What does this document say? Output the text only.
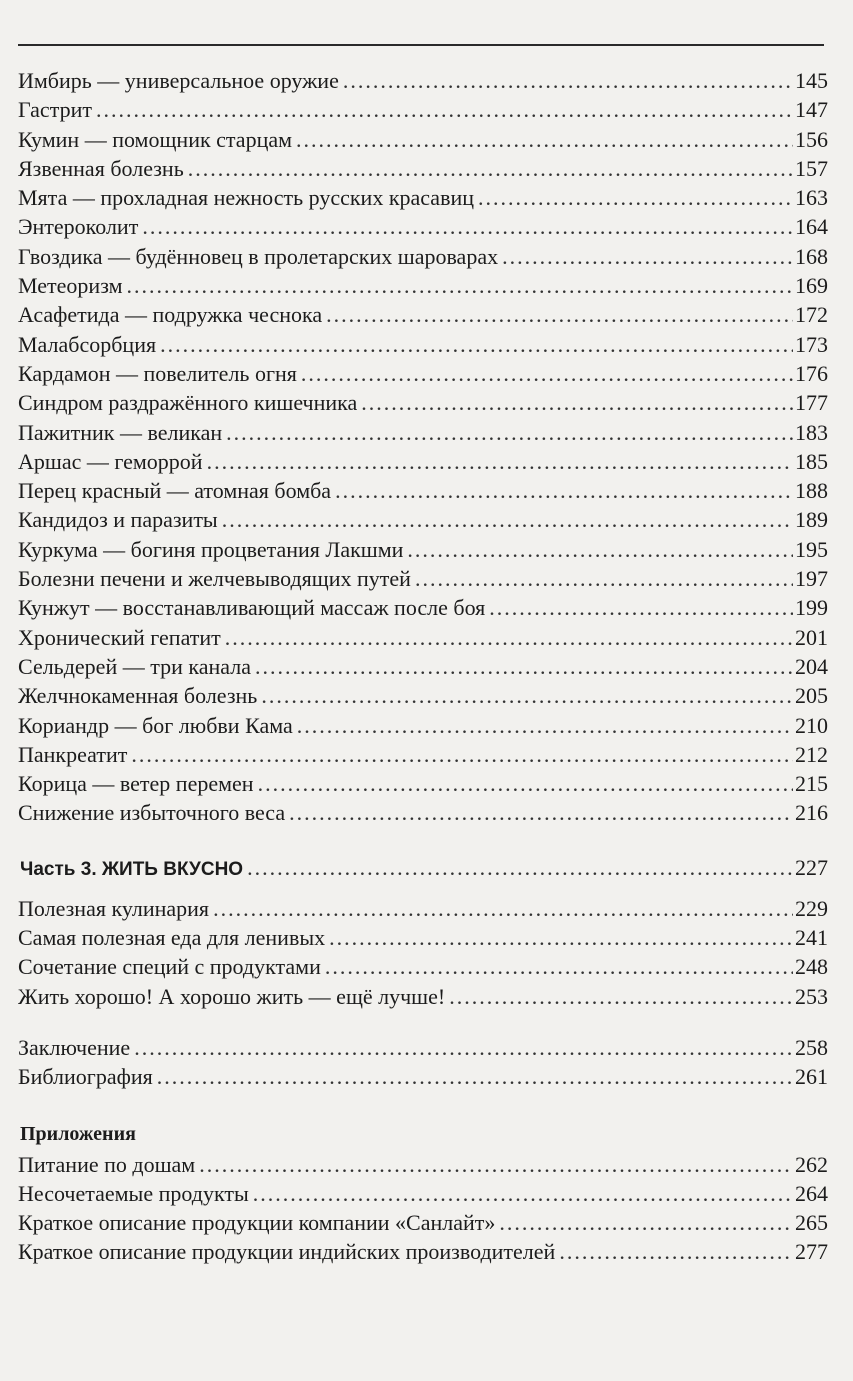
Имбирь — универсальное оружие .....	145
Гастрит .....	147
Кумин — помощник старцам .....	156
Язвенная болезнь .....	157
Мята — прохладная нежность русских красавиц .....	163
Энтероколит .....	164
Гвоздика — будённовец в пролетарских шароварах .....	168
Метеоризм .....	169
Асафетида — подружка чеснока .....	172
Малабсорбция .....	173
Кардамон — повелитель огня .....	176
Синдром раздражённого кишечника .....	177
Пажитник — великан .....	183
Аршас — геморрой .....	185
Перец красный — атомная бомба .....	188
Кандидоз и паразиты .....	189
Куркума — богиня процветания Лакшми .....	195
Болезни печени и желчевыводящих путей .....	197
Кунжут — восстанавливающий массаж после боя .....	199
Хронический гепатит .....	201
Сельдерей — три канала .....	204
Желчнокаменная болезнь .....	205
Кориандр — бог любви Кама .....	210
Панкреатит .....	212
Корица — ветер перемен .....	215
Снижение избыточного веса .....	216
Часть 3. ЖИТЬ ВКУСНО .....	227
Полезная кулинария .....	229
Самая полезная еда для ленивых .....	241
Сочетание специй с продуктами .....	248
Жить хорошо! А хорошо жить — ещё лучше! .....	253
Заключение .....	258
Библиография .....	261
Приложения
Питание по дошам .....	262
Несочетаемые продукты .....	264
Краткое описание продукции компании «Санлайт» .....	265
Краткое описание продукции индийских производителей .....	277
